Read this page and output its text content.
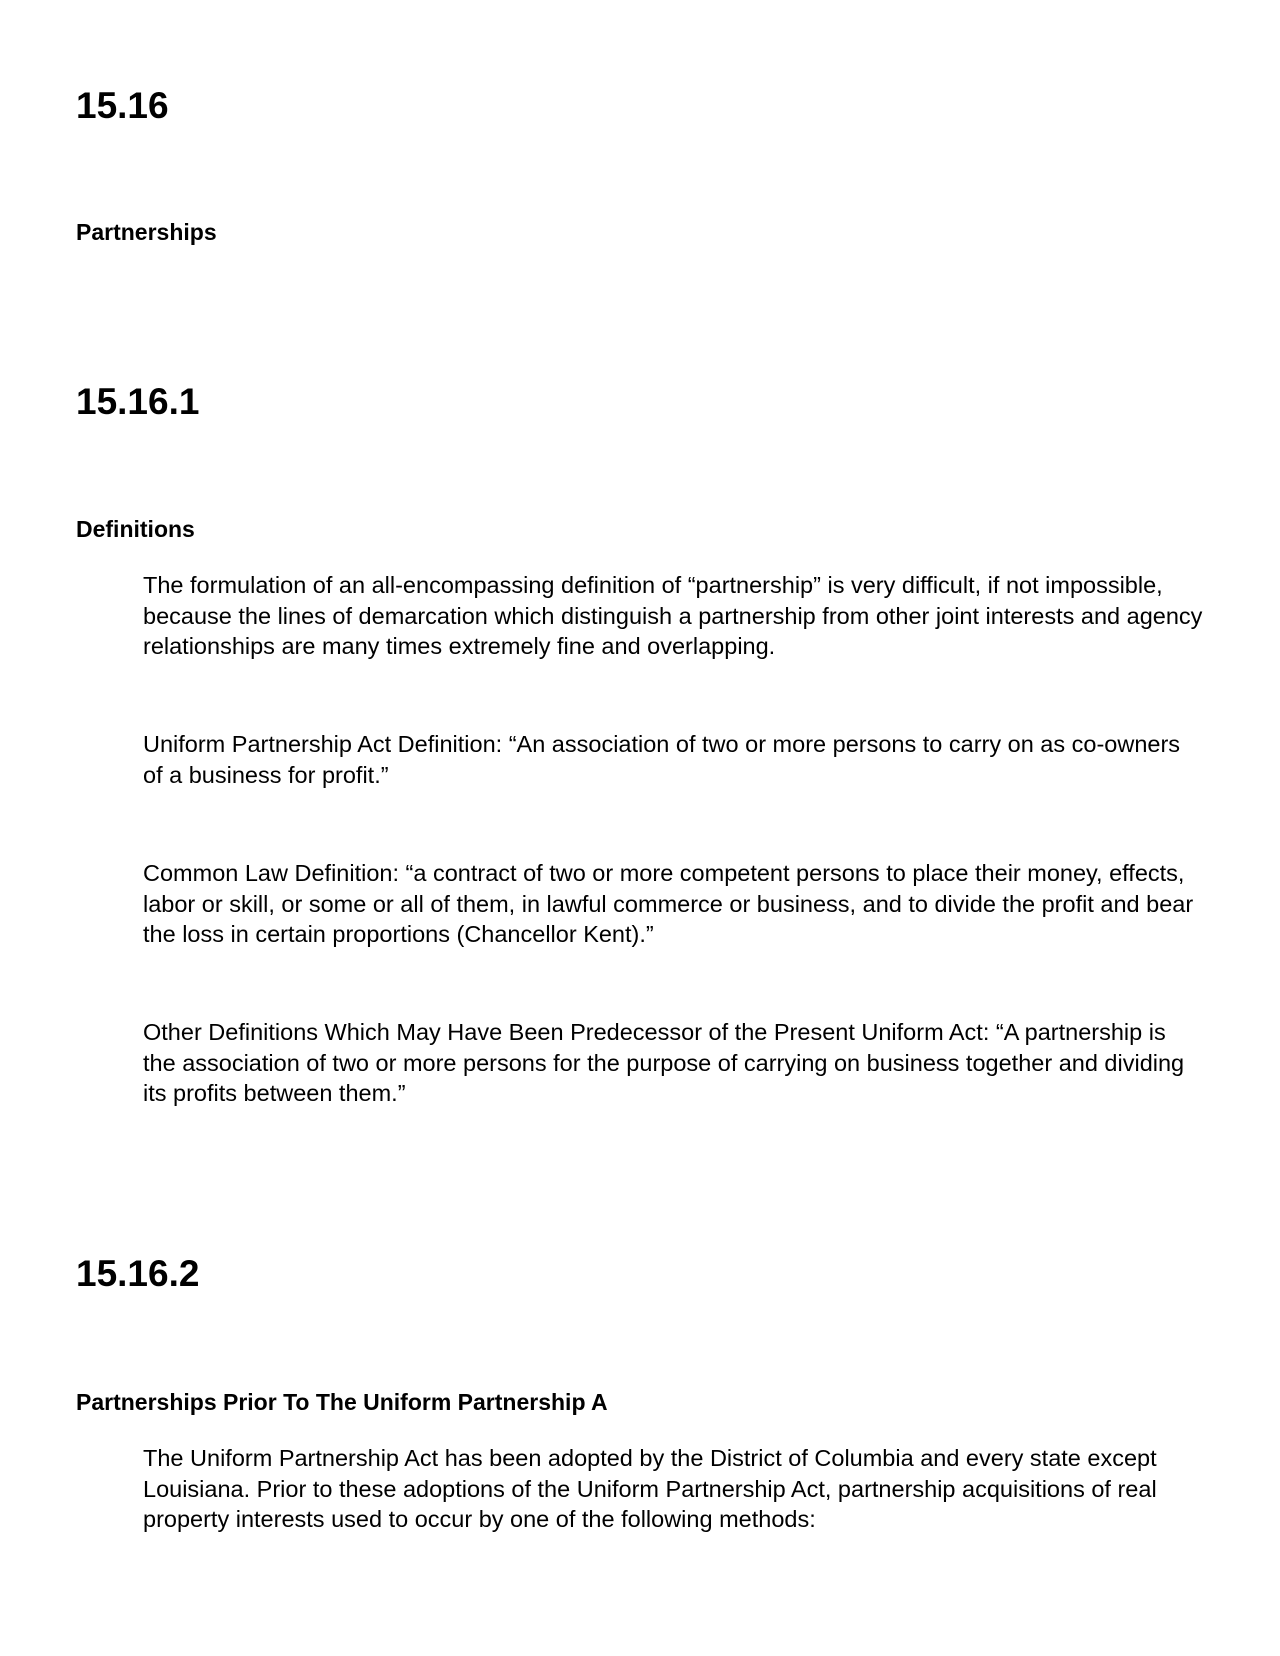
15.16
Partnerships
15.16.1
Definitions

The formulation of an all-encompassing definition of “partnership” is very difficult, if not impossible, because the lines of demarcation which distinguish a partnership from other joint interests and agency relationships are many times extremely fine and overlapping.

Uniform Partnership Act Definition: “An association of two or more persons to carry on as co-owners of a business for profit.”

Common Law Definition: “a contract of two or more competent persons to place their money, effects, labor or skill, or some or all of them, in lawful commerce or business, and to divide the profit and bear the loss in certain proportions (Chancellor Kent).”

Other Definitions Which May Have Been Predecessor of the Present Uniform Act: “A partnership is the association of two or more persons for the purpose of carrying on business together and dividing its profits between them.”

15.16.2
Partnerships Prior To The Uniform Partnership A

The Uniform Partnership Act has been adopted by the District of Columbia and every state except Louisiana. Prior to these adoptions of the Uniform Partnership Act, partnership acquisitions of real property interests used to occur by one of the following methods:
